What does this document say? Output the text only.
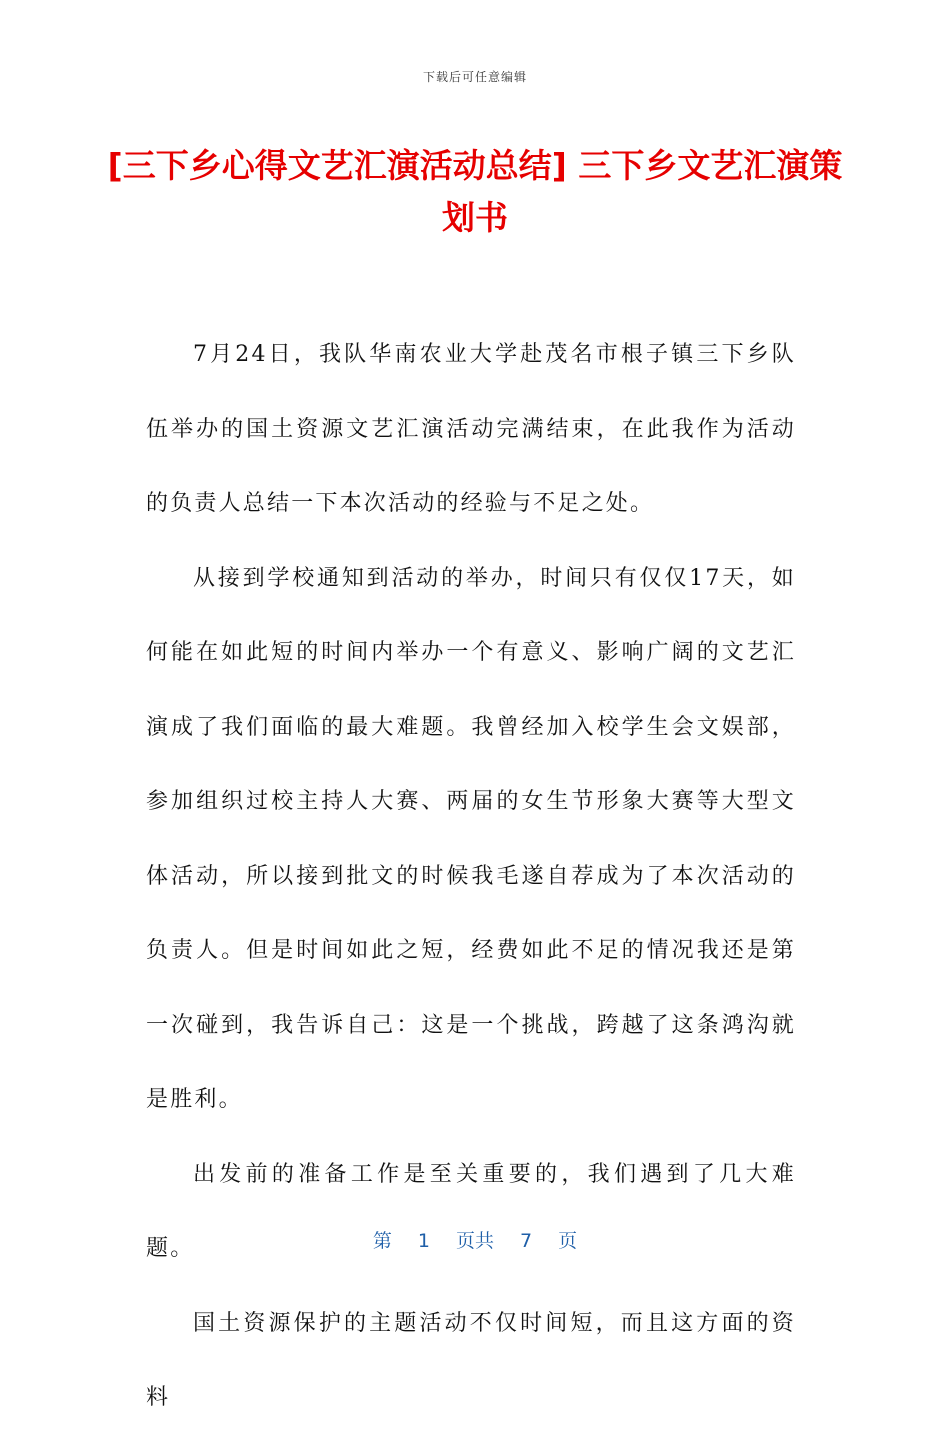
下载后可任意编辑
[三下乡心得文艺汇演活动总结] 三下乡文艺汇演策划书

7月24日，我队华南农业大学赴茂名市根子镇三下乡队伍举办的国土资源文艺汇演活动完满结束，在此我作为活动的负责人总结一下本次活动的经验与不足之处。

从接到学校通知到活动的举办，时间只有仅仅17天，如何能在如此短的时间内举办一个有意义、影响广阔的文艺汇演成了我们面临的最大难题。我曾经加入校学生会文娱部，参加组织过校主持人大赛、两届的女生节形象大赛等大型文体活动，所以接到批文的时候我毛遂自荐成为了本次活动的负责人。但是时间如此之短，经费如此不足的情况我还是第一次碰到，我告诉自己：这是一个挑战，跨越了这条鸿沟就是胜利。

出发前的准备工作是至关重要的，我们遇到了几大难题。

国土资源保护的主题活动不仅时间短，而且这方面的资料

第 1 页共 7 页
